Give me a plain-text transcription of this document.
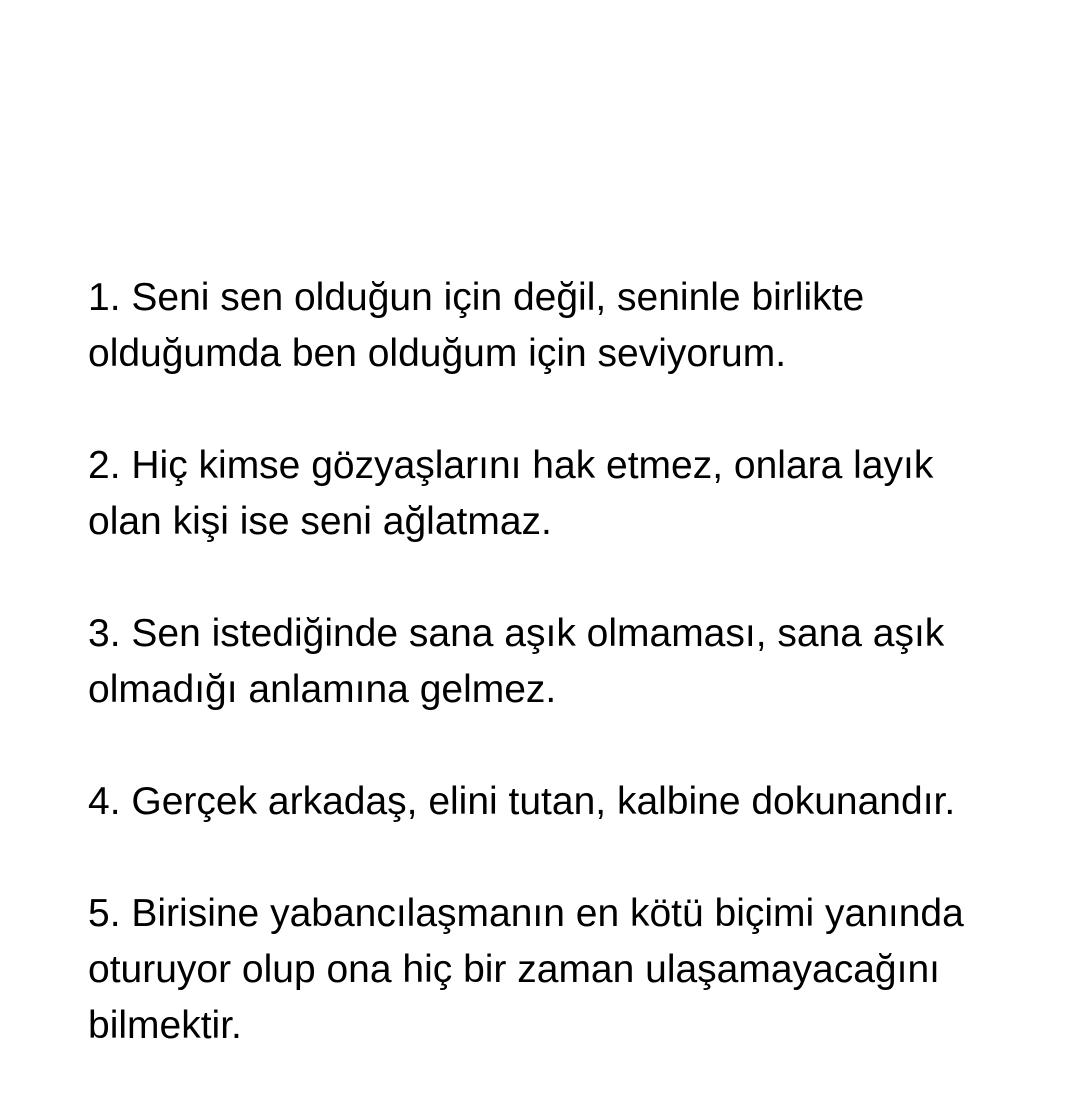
1. Seni sen olduğun için değil, seninle birlikte
olduğumda ben olduğum için seviyorum.
2. Hiç kimse gözyaşlarını hak etmez, onlara layık
olan kişi ise seni ağlatmaz.
3. Sen istediğinde sana aşık olmaması, sana aşık
olmadığı anlamına gelmez.
4. Gerçek arkadaş, elini tutan, kalbine dokunandır.
5. Birisine yabancılaşmanın en kötü biçimi yanında
oturuyor olup ona hiç bir zaman ulaşamayacağını
bilmektir.
